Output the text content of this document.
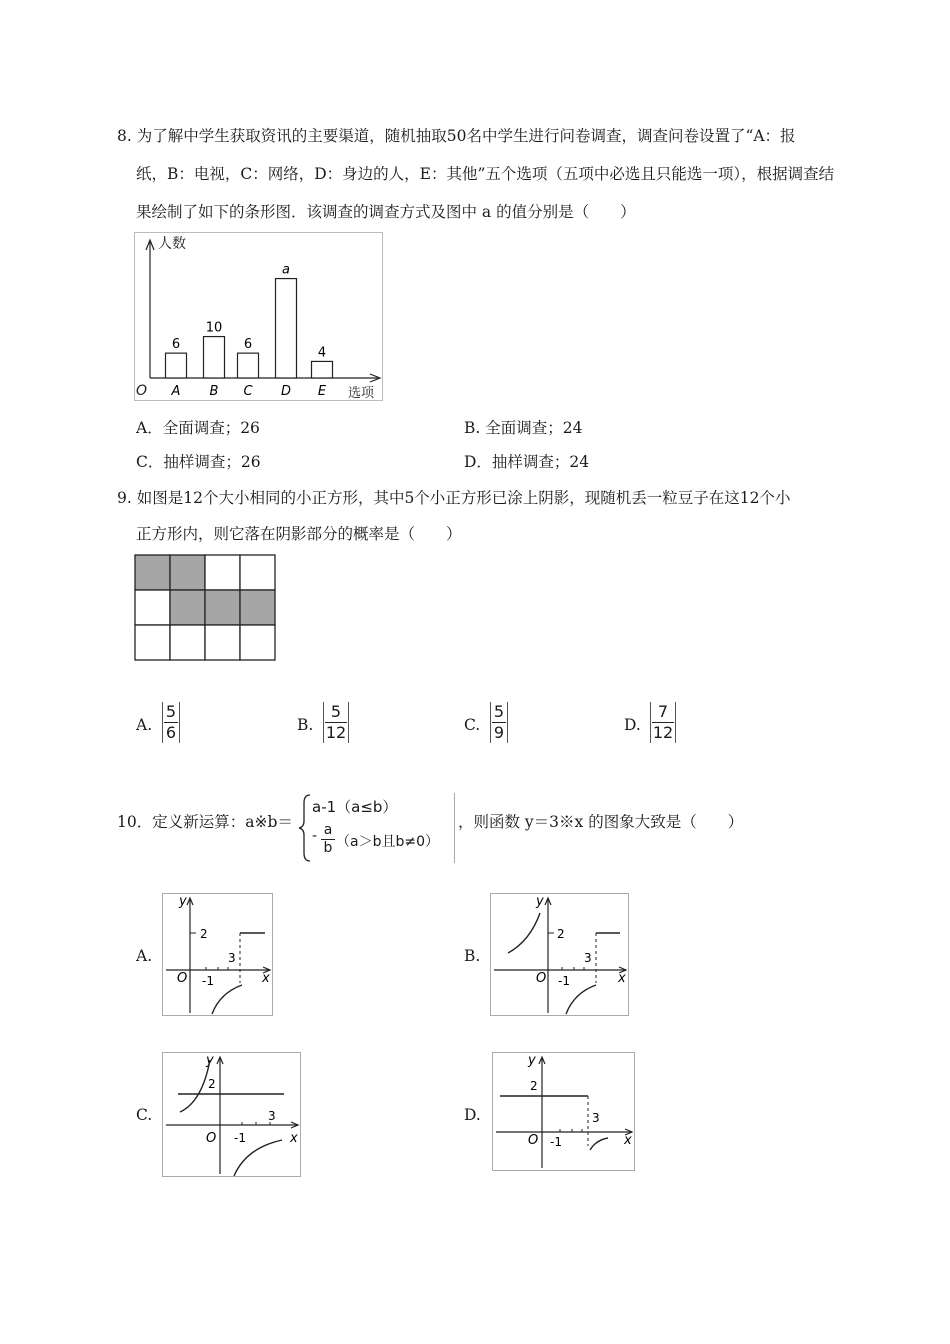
8. 为了解中学生获取资讯的主要渠道，随机抽取50名中学生进行问卷调查，调查问卷设置了“A：报
纸，B：电视，C：网络，D：身边的人，E：其他”五个选项（五项中必选且只能选一项），根据调查结
果绘制了如下的条形图．该调查的调查方式及图中 a 的值分别是（　　）
人数
选项
O
6
A
10
B
6
C
a
D
4
E
A．全面调查；26	B. 全面调查；24
C．抽样调查；26	D．抽样调查；24
9. 如图是12个大小相同的小正方形，其中5个小正方形已涂上阴影，现随机丢一粒豆子在这12个小
正方形内，则它落在阴影部分的概率是（　　）
A.
5
6	B.
5
12	C.
5
9	D.
7
12
10．定义新运算：a※b＝
a-1（a≤b）
- a
b （a＞b且b≠0）
，则函数 y＝3※x 的图象大致是（　　）
A.
y
x
O
2
3
-1
B.
y
x
O
2
3
-1
C.
y
x
O
2
3
-1
D.
y
x
O
2
3
-1
